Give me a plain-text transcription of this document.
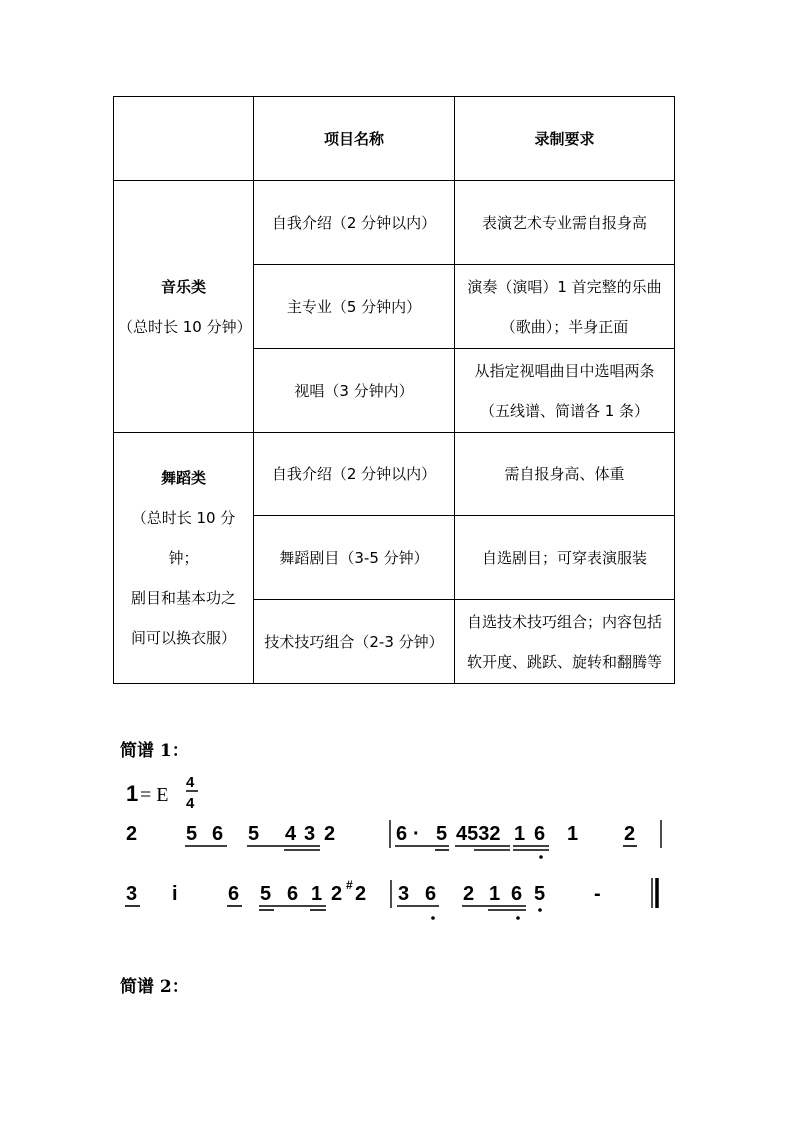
	项目名称	录制要求

音乐类
（总时长 10 分钟）	自我介绍（2 分钟以内）	表演艺术专业需自报身高

	主专业（5 分钟内）	演奏（演唱）1 首完整的乐曲
（歌曲）；半身正面

	视唱（3 分钟内）	从指定视唱曲目中选唱两条
（五线谱、简谱各 1 条）

舞蹈类
（总时长 10 分钟；
剧目和基本功之
间可以换衣服）	自我介绍（2 分钟以内）	需自报身高、体重

	舞蹈剧目（3-5 分钟）	自选剧目；可穿表演服装

	技术技巧组合（2-3 分钟）	自选技术技巧组合；内容包括
软开度、跳跃、旋转和翻腾等
简谱 1：
简谱 2：
1 = E
4
4
2 5 6 5 4 3 2	6 · 5 4532 1 6 1 2
3 i	6 5 6 1 2 # 2 3 6 2 1 6 5 -
